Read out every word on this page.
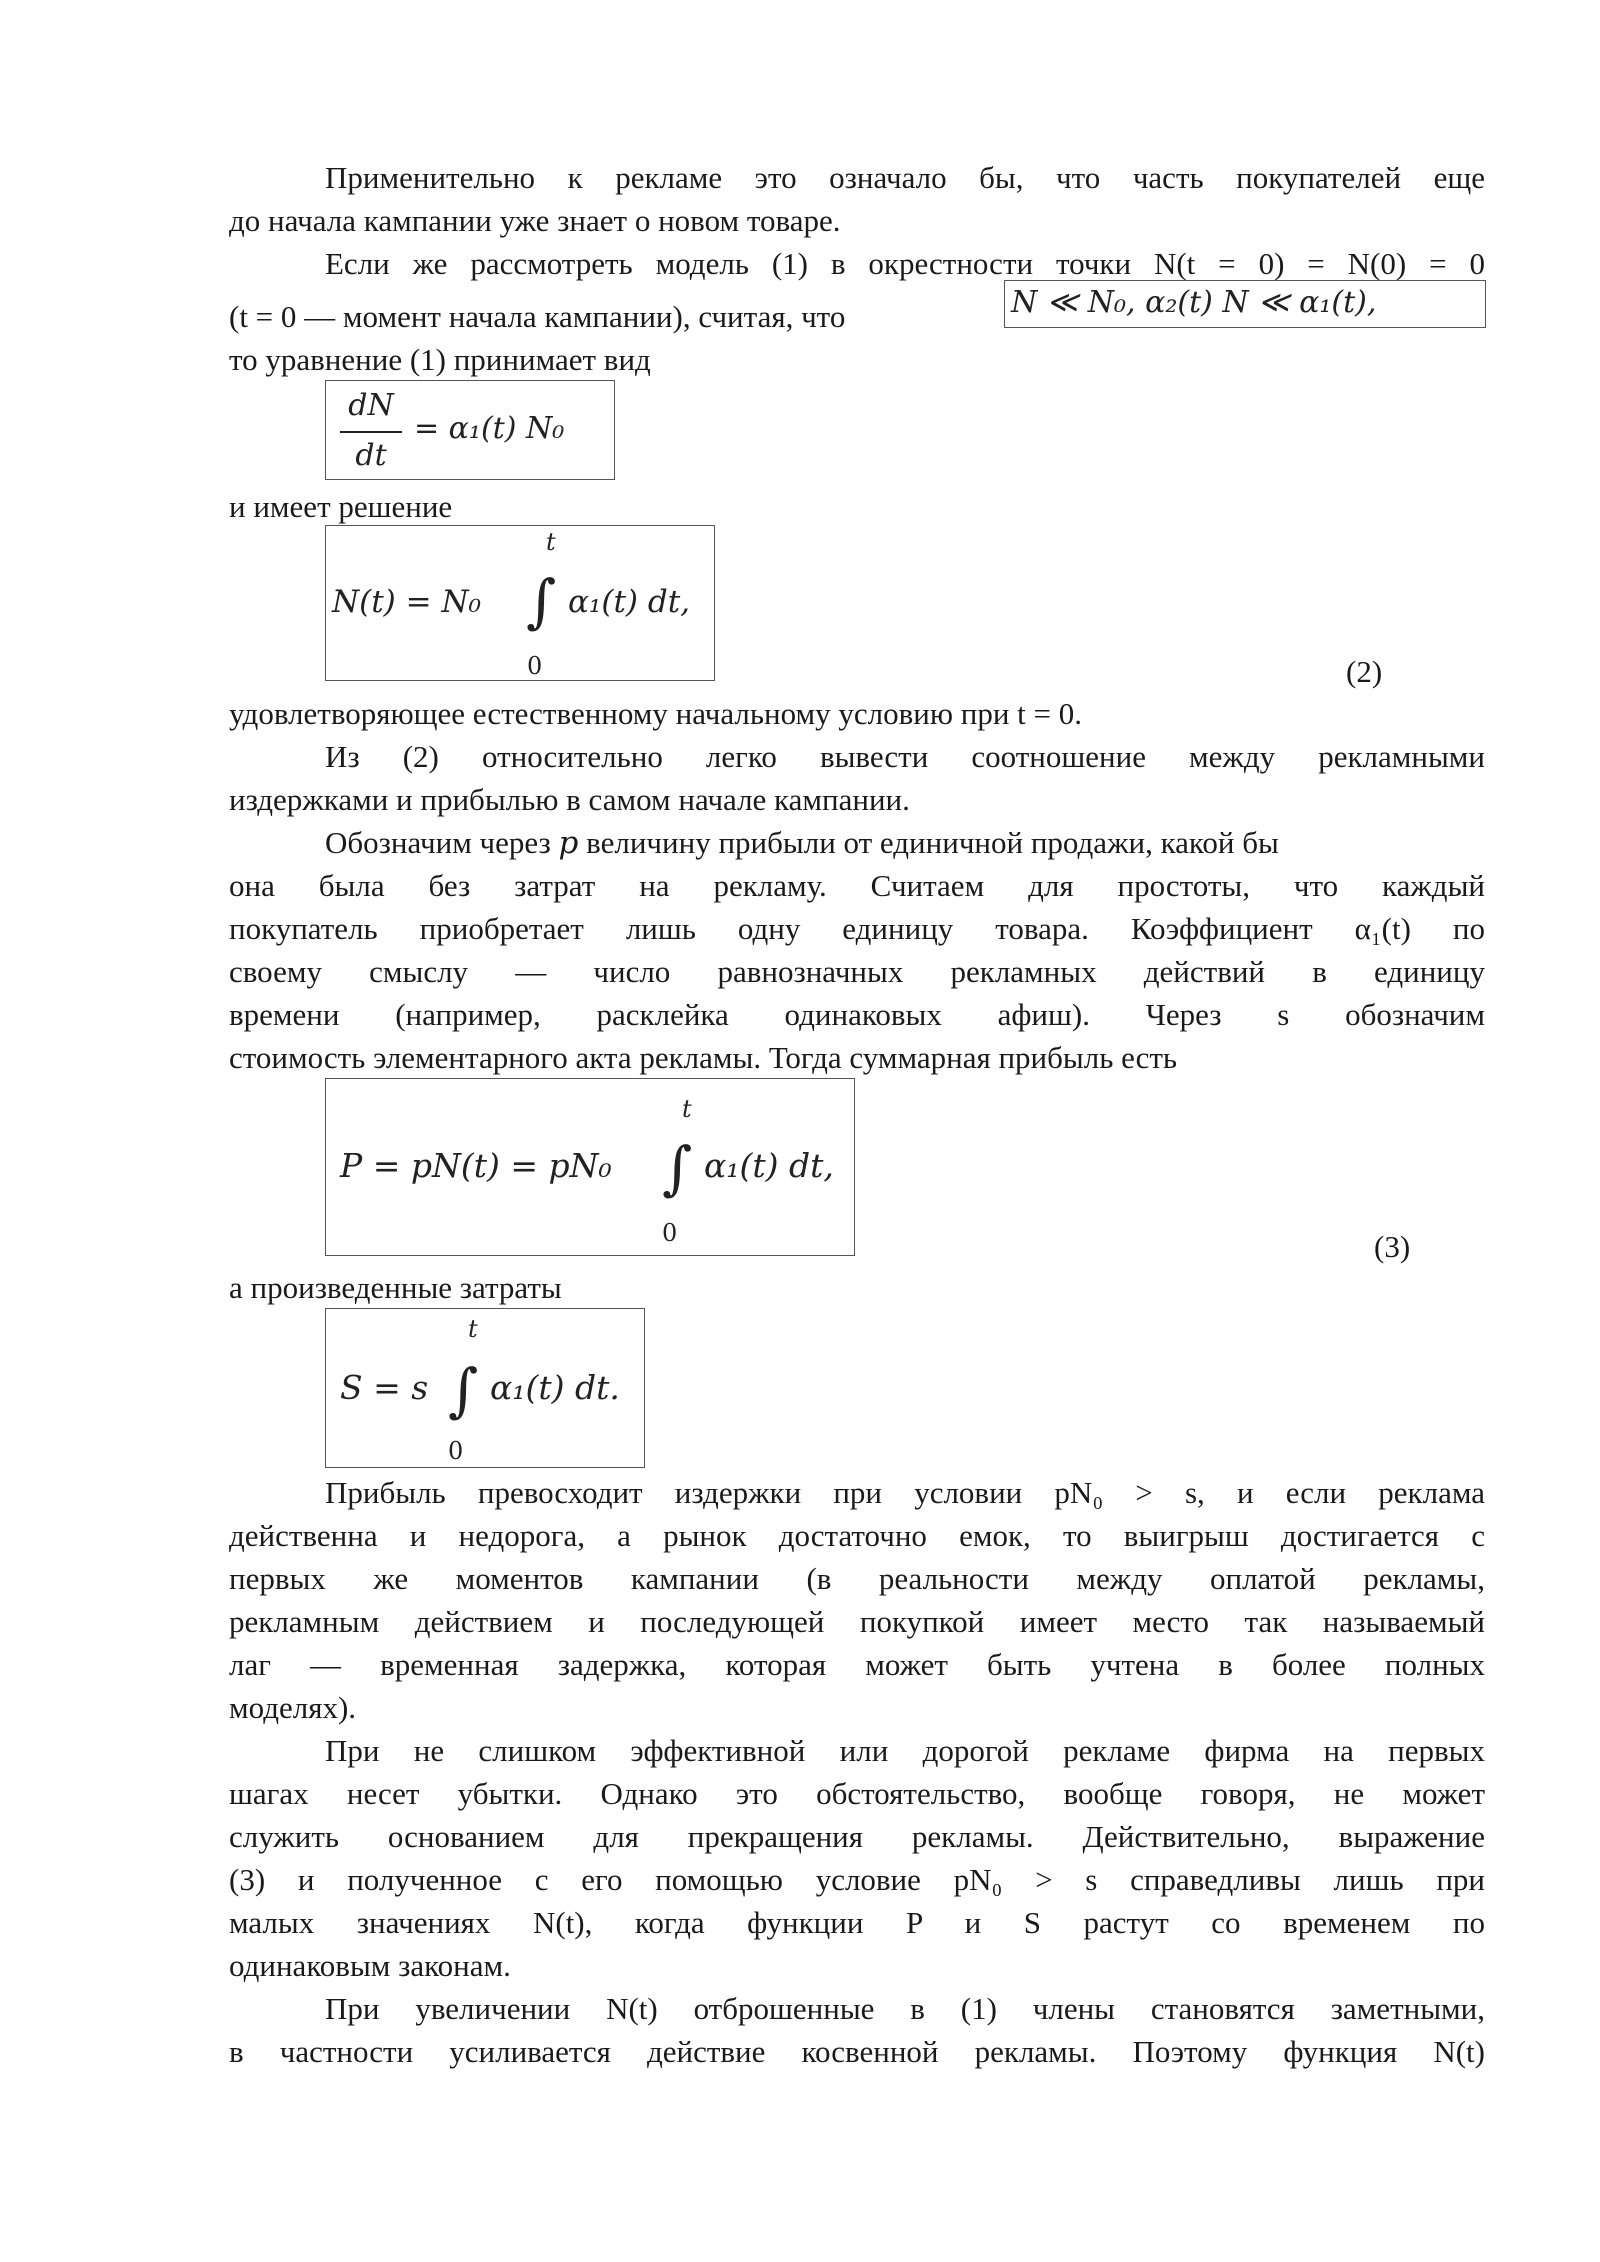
Применительно к рекламе это означало бы, что часть покупателей еще
до начала кампании уже знает о новом товаре.
Если же рассмотреть модель (1) в окрестности точки N(t = 0) = N(0) = 0
(t = 0 — момент начала кампании), считая, что	N ≪ N₀, α₂(t) N ≪ α₁(t),
то уравнение (1) принимает вид
dN
dt
= α₁(t) N₀
и имеет решение
N(t) = N₀
t
∫
0
α₁(t) dt,
(2)
удовлетворяющее естественному начальному условию при t = 0.
Из (2) относительно легко вывести соотношение между рекламными
издержками и прибылью в самом начале кампании.
Обозначим через p величину прибыли от единичной продажи, какой бы
она была без затрат на рекламу. Считаем для простоты, что каждый
покупатель приобретает лишь одну единицу товара. Коэффициент α₁(t) по
своему смыслу — число равнозначных рекламных действий в единицу
времени (например, расклейка одинаковых афиш). Через s обозначим
стоимость элементарного акта рекламы. Тогда суммарная прибыль есть
P = pN(t) = pN₀
t
∫
0
α₁(t) dt,
(3)
а произведенные затраты
S = s
t
∫
0
α₁(t) dt.
Прибыль превосходит издержки при условии pN₀ > s, и если реклама
действенна и недорога, а рынок достаточно емок, то выигрыш достигается с
первых же моментов кампании (в реальности между оплатой рекламы,
рекламным действием и последующей покупкой имеет место так называемый
лаг — временная задержка, которая может быть учтена в более полных
моделях).
При не слишком эффективной или дорогой рекламе фирма на первых
шагах несет убытки. Однако это обстоятельство, вообще говоря, не может
служить основанием для прекращения рекламы. Действительно, выражение
(3) и полученное с его помощью условие pN₀ > s справедливы лишь при
малых значениях N(t), когда функции P и S растут со временем по
одинаковым законам.
При увеличении N(t) отброшенные в (1) члены становятся заметными,
в частности усиливается действие косвенной рекламы. Поэтому функция N(t)
